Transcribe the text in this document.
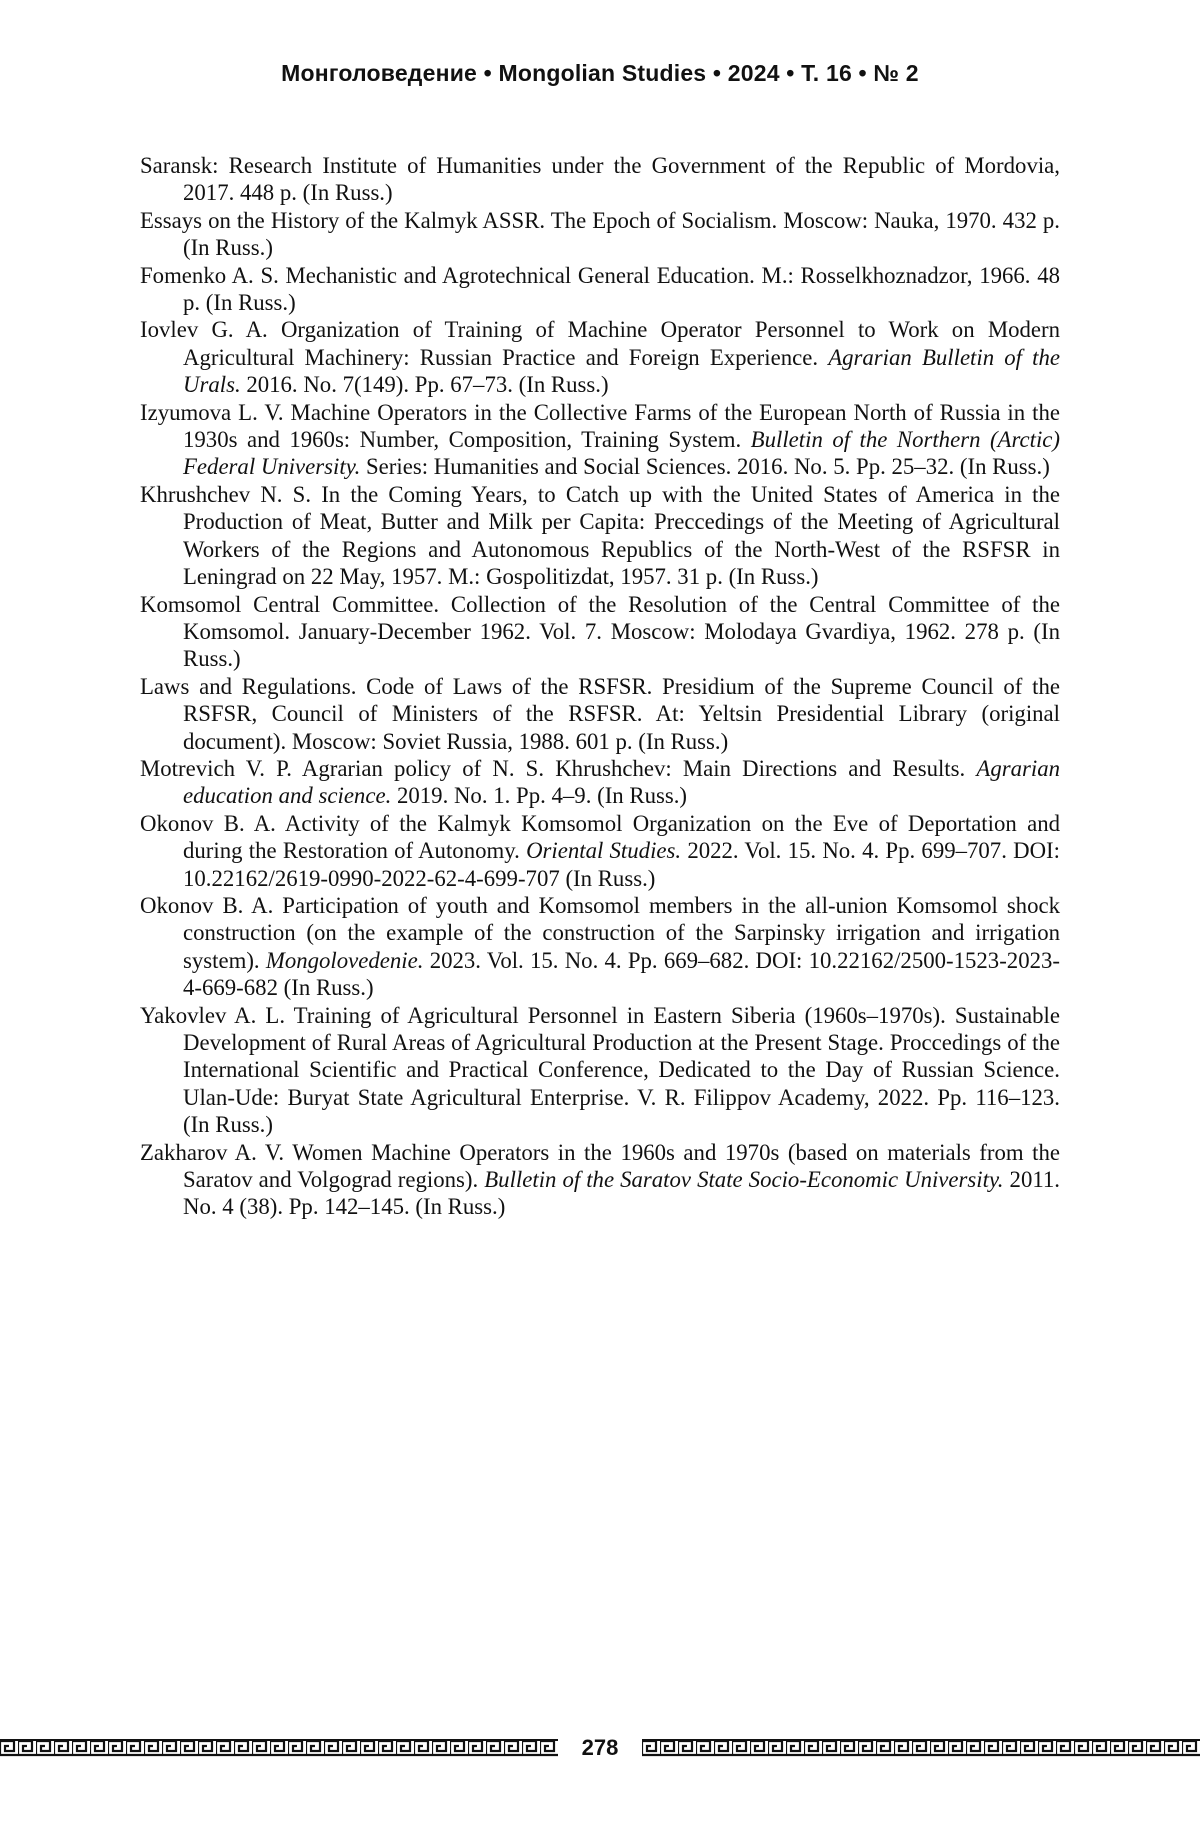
Монголоведение • Mongolian Studies • 2024 • Т. 16 • № 2

Saransk: Research Institute of Humanities under the Government of the Republic of Mordovia, 2017. 448 p. (In Russ.)

Essays on the History of the Kalmyk ASSR. The Epoch of Socialism. Moscow: Nauka, 1970. 432 p. (In Russ.)

Fomenko A. S. Mechanistic and Agrotechnical General Education. M.: Rosselkhoznadzor, 1966. 48 p. (In Russ.)

Iovlev G. A. Organization of Training of Machine Operator Personnel to Work on Modern Agricultural Machinery: Russian Practice and Foreign Experience. Agrarian Bulletin of the Urals. 2016. No. 7(149). Pp. 67–73. (In Russ.)

Izyumova L. V. Machine Operators in the Collective Farms of the European North of Russia in the 1930s and 1960s: Number, Composition, Training System. Bulletin of the Northern (Arctic) Federal University. Series: Humanities and Social Sciences. 2016. No. 5. Pp. 25–32. (In Russ.)

Khrushchev N. S. In the Coming Years, to Catch up with the United States of America in the Production of Meat, Butter and Milk per Capita: Preccedings of the Meeting of Agricultural Workers of the Regions and Autonomous Republics of the North-West of the RSFSR in Leningrad on 22 May, 1957. M.: Gospolitizdat, 1957. 31 p. (In Russ.)

Komsomol Central Committee. Collection of the Resolution of the Central Committee of the Komsomol. January-December 1962. Vol. 7. Moscow: Molodaya Gvardiya, 1962. 278 p. (In Russ.)

Laws and Regulations. Code of Laws of the RSFSR. Presidium of the Supreme Council of the RSFSR, Council of Ministers of the RSFSR. At: Yeltsin Presidential Library (original document). Moscow: Soviet Russia, 1988. 601 p. (In Russ.)

Motrevich V. P. Agrarian policy of N. S. Khrushchev: Main Directions and Results. Agrarian education and science. 2019. No. 1. Pp. 4–9. (In Russ.)

Okonov B. A. Activity of the Kalmyk Komsomol Organization on the Eve of Deportation and during the Restoration of Autonomy. Oriental Studies. 2022. Vol. 15. No. 4. Pp. 699–707. DOI: 10.22162/2619-0990-2022-62-4-699-707 (In Russ.)

Okonov B. A. Participation of youth and Komsomol members in the all-union Komsomol shock construction (on the example of the construction of the Sarpinsky irrigation and irrigation system). Mongolovedenie. 2023. Vol. 15. No. 4. Pp. 669–682. DOI: 10.22162/2500-1523-2023-4-669-682 (In Russ.)

Yakovlev A. L. Training of Agricultural Personnel in Eastern Siberia (1960s–1970s). Sustainable Development of Rural Areas of Agricultural Production at the Present Stage. Proccedings of the International Scientific and Practical Conference, Dedicated to the Day of Russian Science. Ulan-Ude: Buryat State Agricultural Enterprise. V. R. Filippov Academy, 2022. Pp. 116–123. (In Russ.)

Zakharov A. V. Women Machine Operators in the 1960s and 1970s (based on materials from the Saratov and Volgograd regions). Bulletin of the Saratov State Socio-Economic University. 2011. No. 4 (38). Pp. 142–145. (In Russ.)

278
